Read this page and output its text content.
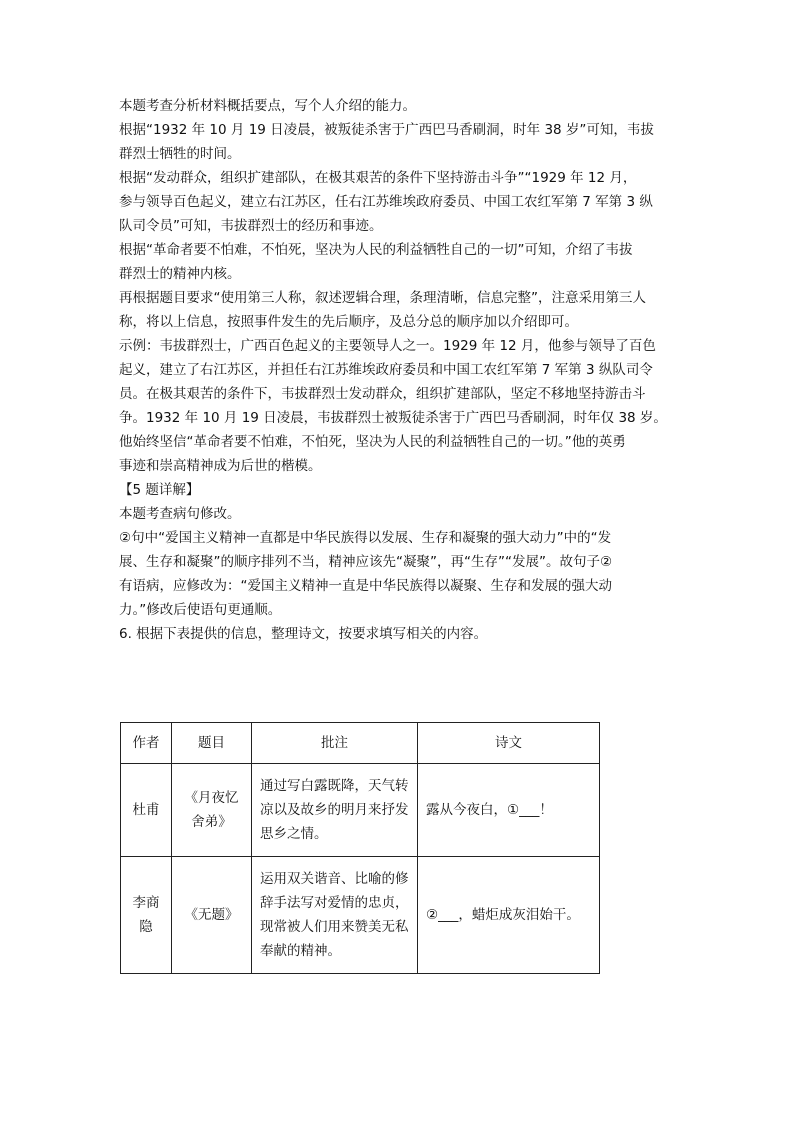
本题考查分析材料概括要点，写个人介绍的能力。
根据“1932 年 10 月 19 日凌晨，被叛徒杀害于广西巴马香刷洞，时年 38 岁”可知，韦拔
群烈士牺牲的时间。
根据“发动群众，组织扩建部队，在极其艰苦的条件下坚持游击斗争”“1929 年 12 月，
参与领导百色起义，建立右江苏区，任右江苏维埃政府委员、中国工农红军第 7 军第 3 纵
队司令员”可知，韦拔群烈士的经历和事迹。
根据“革命者要不怕难，不怕死，坚决为人民的利益牺牲自己的一切”可知，介绍了韦拔
群烈士的精神内核。
再根据题目要求“使用第三人称，叙述逻辑合理，条理清晰，信息完整”，注意采用第三人
称，将以上信息，按照事件发生的先后顺序，及总分总的顺序加以介绍即可。
示例：韦拔群烈士，广西百色起义的主要领导人之一。1929 年 12 月，他参与领导了百色
起义，建立了右江苏区，并担任右江苏维埃政府委员和中国工农红军第 7 军第 3 纵队司令
员。在极其艰苦的条件下，韦拔群烈士发动群众，组织扩建部队，坚定不移地坚持游击斗
争。1932 年 10 月 19 日凌晨，韦拔群烈士被叛徒杀害于广西巴马香刷洞，时年仅 38 岁。
他始终坚信“革命者要不怕难，不怕死，坚决为人民的利益牺牲自己的一切。”他的英勇
事迹和崇高精神成为后世的楷模。
【5 题详解】
本题考查病句修改。
②句中“爱国主义精神一直都是中华民族得以发展、生存和凝聚的强大动力”中的“发
展、生存和凝聚”的顺序排列不当，精神应该先“凝聚”，再“生存”“发展”。故句子②
有语病，应修改为：“爱国主义精神一直是中华民族得以凝聚、生存和发展的强大动
力。”修改后使语句更通顺。
6. 根据下表提供的信息，整理诗文，按要求填写相关的内容。
作者	题目	批注	诗文
杜甫	《月夜忆舍弟》	通过写白露既降，天气转凉以及故乡的明月来抒发思乡之情。	露从今夜白，①___！
李商隐	《无题》	运用双关谐音、比喻的修辞手法写对爱情的忠贞，现常被人们用来赞美无私奉献的精神。	②___，蜡炬成灰泪始干。
